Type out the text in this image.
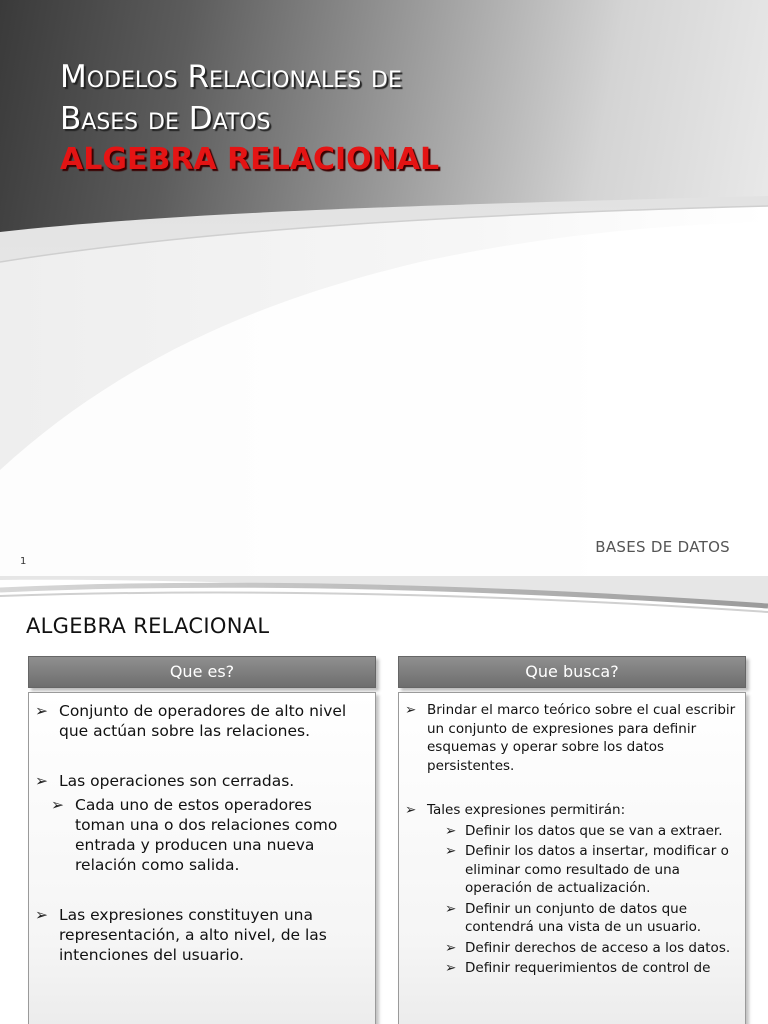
Modelos Relacionales de
Bases de Datos
ALGEBRA RELACIONAL
BASES DE DATOS
1
ALGEBRA RELACIONAL
Que es?
➢ Conjunto de operadores de alto nivel que actúan sobre las relaciones.
➢ Las operaciones son cerradas.
➢ Cada uno de estos operadores toman una o dos relaciones como entrada y producen una nueva relación como salida.
➢ Las expresiones constituyen una representación, a alto nivel, de las intenciones del usuario.
Que busca?
➢ Brindar el marco teórico sobre el cual escribir un conjunto de expresiones para definir esquemas y operar sobre los datos persistentes.
➢ Tales expresiones permitirán:
➢ Definir los datos que se van a extraer.
➢ Definir los datos a insertar, modificar o eliminar como resultado de una operación de actualización.
➢ Definir un conjunto de datos que contendrá una vista de un usuario.
➢ Definir derechos de acceso a los datos.
➢ Definir requerimientos de control de
